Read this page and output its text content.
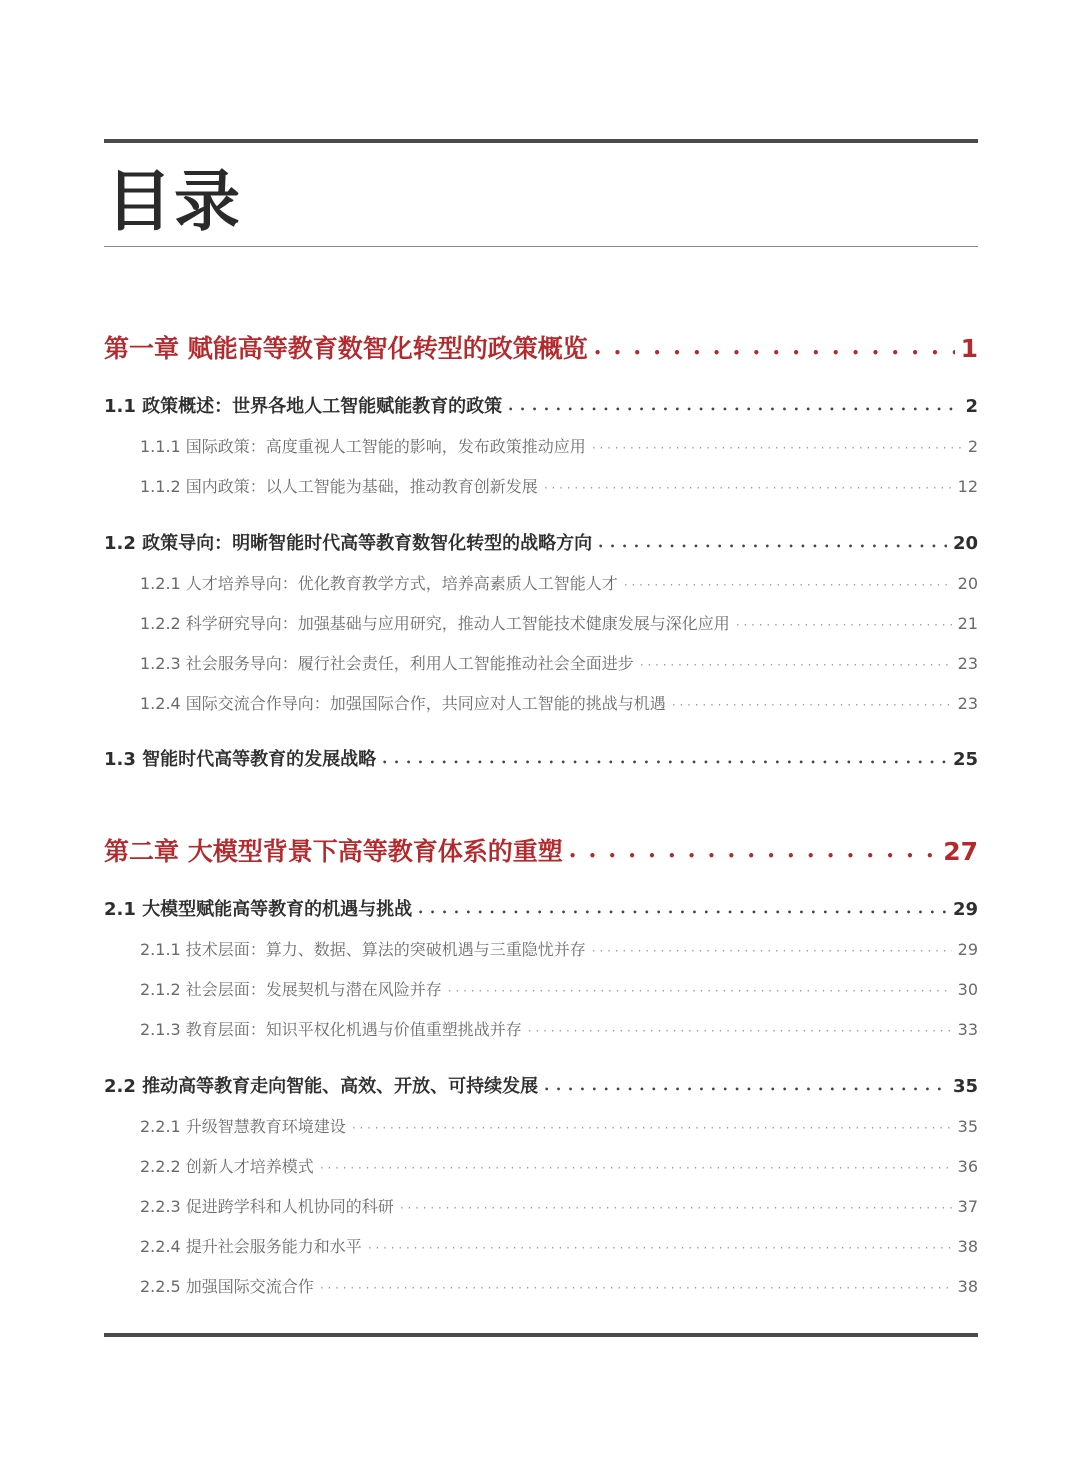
目录
第一章 赋能高等教育数智化转型的政策概览 • • •	1
1.1 政策概述：世界各地人工智能赋能教育的政策 • • •	2
1.1.1 国际政策：高度重视人工智能的影响，发布政策推动应用 · · ·	2
1.1.2 国内政策：以人工智能为基础，推动教育创新发展 · · ·	12
1.2 政策导向：明晰智能时代高等教育数智化转型的战略方向 • • •	20
1.2.1 人才培养导向：优化教育教学方式，培养高素质人工智能人才 · · ·	20
1.2.2 科学研究导向：加强基础与应用研究，推动人工智能技术健康发展与深化应用 · · ·	21
1.2.3 社会服务导向：履行社会责任，利用人工智能推动社会全面进步 · · ·	23
1.2.4 国际交流合作导向：加强国际合作，共同应对人工智能的挑战与机遇 · · ·	23
1.3 智能时代高等教育的发展战略 • • •	25
第二章 大模型背景下高等教育体系的重塑 • • •	27
2.1 大模型赋能高等教育的机遇与挑战 • • •	29
2.1.1 技术层面：算力、数据、算法的突破机遇与三重隐忧并存 · · ·	29
2.1.2 社会层面：发展契机与潜在风险并存 · · ·	30
2.1.3 教育层面：知识平权化机遇与价值重塑挑战并存 · · ·	33
2.2 推动高等教育走向智能、高效、开放、可持续发展 • • •	35
2.2.1 升级智慧教育环境建设 · · ·	35
2.2.2 创新人才培养模式 · · ·	36
2.2.3 促进跨学科和人机协同的科研 · · ·	37
2.2.4 提升社会服务能力和水平 · · ·	38
2.2.5 加强国际交流合作 · · ·	38
